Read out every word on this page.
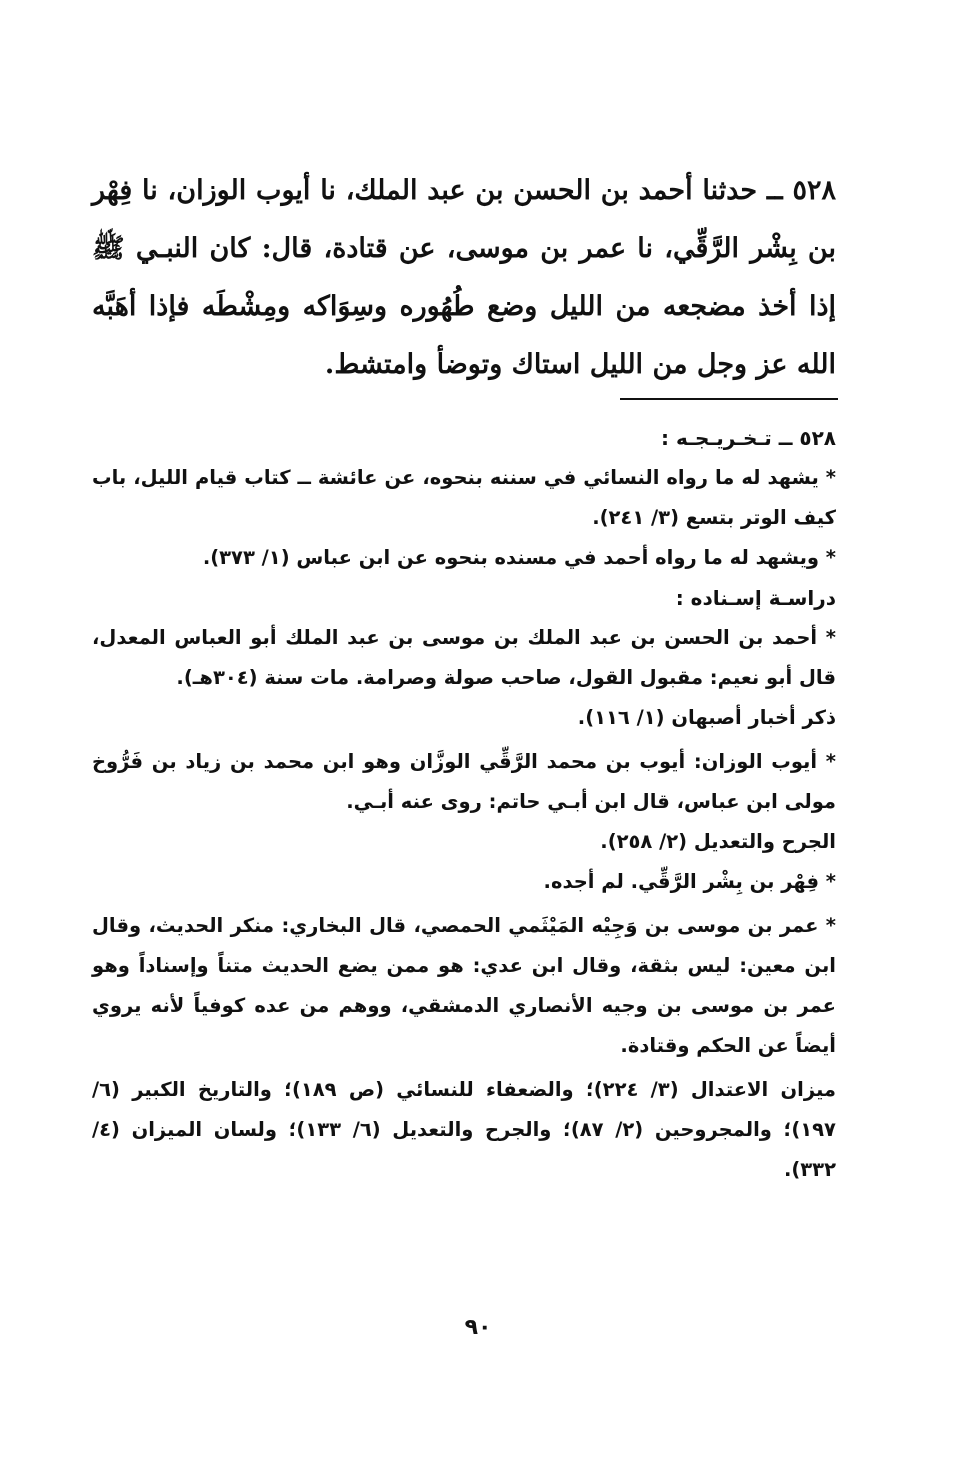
٥٢٨ ــ حدثنا أحمد بن الحسن بن عبد الملك، نا أيوب الوزان، نا فِهْر بن بِشْر الرَّقِّي، نا عمر بن موسى، عن قتادة، قال: كان النبـي ﷺ إذا أخذ مضجعه من الليل وضع طُهُوره وسِوَاكه ومِشْطَه فإذا أهَبَّه الله عز وجل من الليل استاك وتوضأ وامتشط.

٥٢٨ ــ تـخـريـجـه :

* يشهد له ما رواه النسائي في سننه بنحوه، عن عائشة ــ كتاب قيام الليل، باب كيف الوتر بتسع (٣/ ٢٤١).

* ويشهد له ما رواه أحمد في مسنده بنحوه عن ابن عباس (١/ ٣٧٣).

دراسـة إسـناده :

* أحمد بن الحسن بن عبد الملك بن موسى بن عبد الملك أبو العباس المعدل، قال أبو نعيم: مقبول القول، صاحب صولة وصرامة. مات سنة (٣٠٤هـ).

ذكر أخبار أصبهان (١/ ١١٦).

* أيوب الوزان: أيوب بن محمد الرَّقِّي الوزَّان وهو ابن محمد بن زياد بن فَرُّوخ مولى ابن عباس، قال ابن أبـي حاتم: روى عنه أبـي.

الجرح والتعديل (٢/ ٢٥٨).

* فِهْر بن بِشْر الرَّقِّي. لم أجده.

* عمر بن موسى بن وَجِيْه المَيْثَمي الحمصي، قال البخاري: منكر الحديث، وقال ابن معين: ليس بثقة، وقال ابن عدي: هو ممن يضع الحديث متناً وإسناداً وهو عمر بن موسى بن وجيه الأنصاري الدمشقي، ووهم من عده كوفياً لأنه يروي أيضاً عن الحكم وقتادة.

ميزان الاعتدال (٣/ ٢٢٤)؛ والضعفاء للنسائي (ص ١٨٩)؛ والتاريخ الكبير (٦/ ١٩٧)؛ والمجروحين (٢/ ٨٧)؛ والجرح والتعديل (٦/ ١٣٣)؛ ولسان الميزان (٤/ ٣٣٢).

٩٠
